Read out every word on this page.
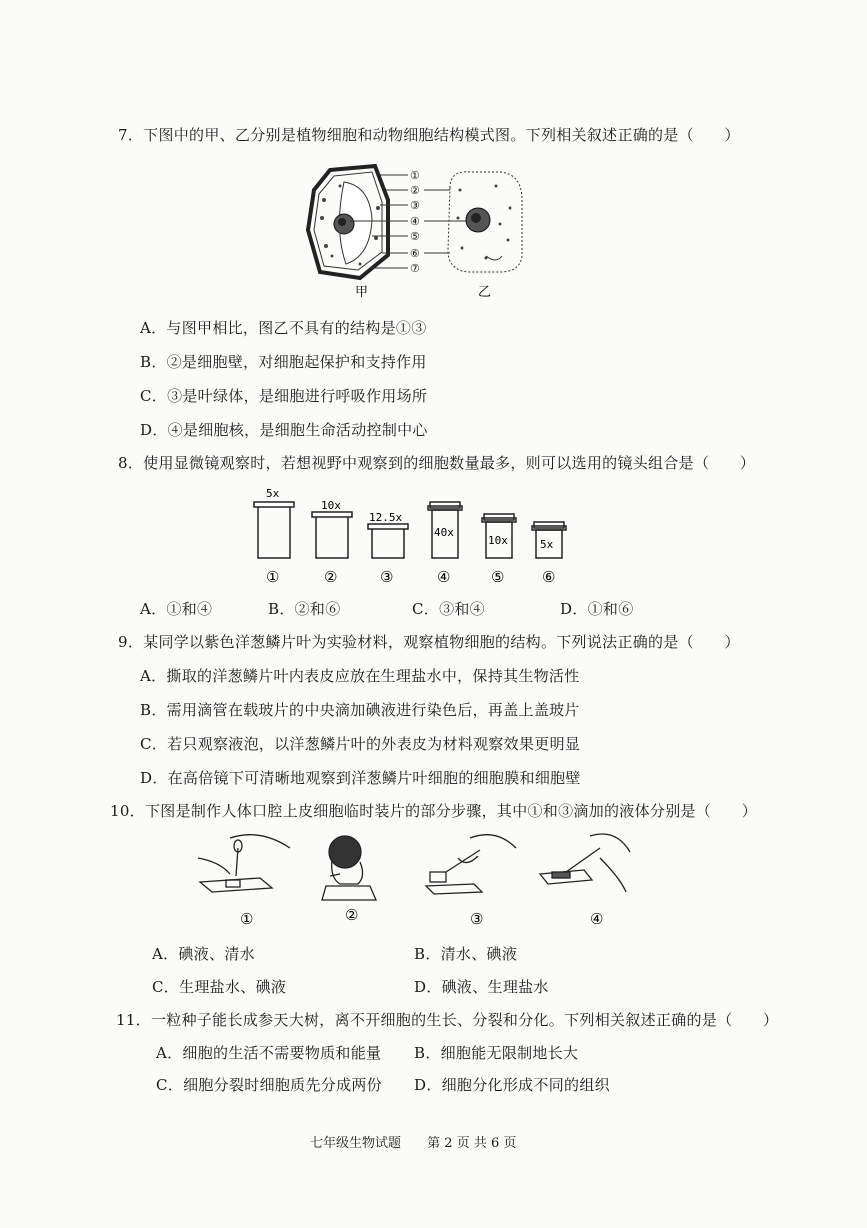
7．下图中的甲、乙分别是植物细胞和动物细胞结构模式图。下列相关叙述正确的是（　　）
①
②
③
④
⑤
⑥
⑦
甲	乙
A．与图甲相比，图乙不具有的结构是①③
B．②是细胞壁，对细胞起保护和支持作用
C．③是叶绿体，是细胞进行呼吸作用场所
D．④是细胞核，是细胞生命活动控制中心
8．使用显微镜观察时，若想视野中观察到的细胞数量最多，则可以选用的镜头组合是（　　）
5x
①
10x
②
12.5x
③
40x
④
10x
⑤
5x
⑥
A．①和④	B．②和⑥	C．③和④	D．①和⑥
9．某同学以紫色洋葱鳞片叶为实验材料，观察植物细胞的结构。下列说法正确的是（　　）
A．撕取的洋葱鳞片叶内表皮应放在生理盐水中，保持其生物活性
B．需用滴管在载玻片的中央滴加碘液进行染色后，再盖上盖玻片
C．若只观察液泡，以洋葱鳞片叶的外表皮为材料观察效果更明显
D．在高倍镜下可清晰地观察到洋葱鳞片叶细胞的细胞膜和细胞壁
10．下图是制作人体口腔上皮细胞临时装片的部分步骤，其中①和③滴加的液体分别是（　　）
①	②	③	④
A．碘液、清水	B．清水、碘液
C．生理盐水、碘液	D．碘液、生理盐水
11．一粒种子能长成参天大树，离不开细胞的生长、分裂和分化。下列相关叙述正确的是（　　）
A．细胞的生活不需要物质和能量 B．细胞能无限制地长大
C．细胞分裂时细胞质先分成两份 D．细胞分化形成不同的组织
七年级生物试题 第 2 页 共 6 页
